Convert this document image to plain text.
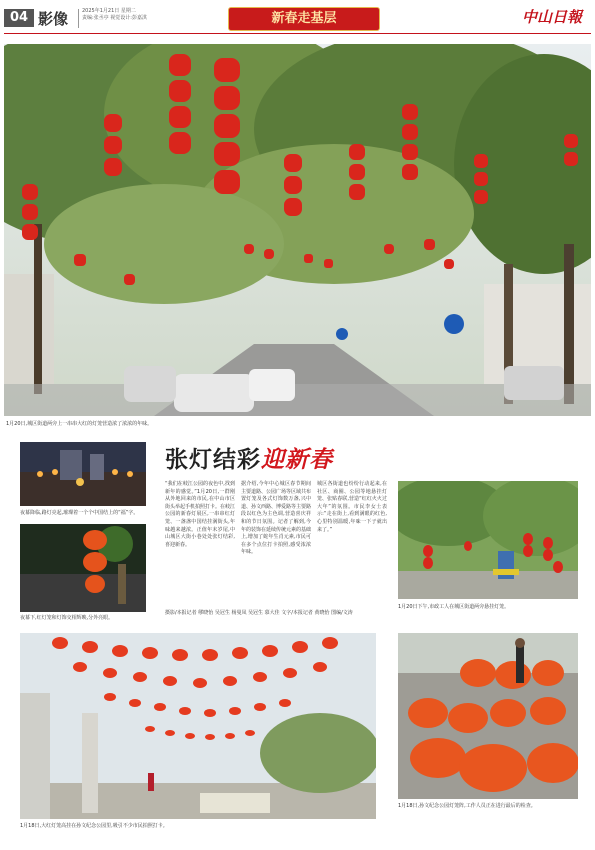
04 影像	2025年1月21日 星期二
责编:张丞亭 视觉设计:彭嘉淇	新春走基层	中山日報
1月20日,城区街道两旁上一串串大红的灯笼营造浓了浓浓的年味。
夜幕降临,路灯亮起,璀璨着一个个中国结上的“福”字。
夜幕下,红灯笼和灯饰交相辉映,分外亮眼。
张灯结彩迎新春
“我们在岐江公园的夜色中,找到新年的感觉。”1月20日,一群刚从外地回来的市民,在中山市区街头举起手机拍照打卡。在岐江公园的新春灯展区,一串串红灯笼、一盏盏中国结挂满街头,年味越来越浓。正值年末岁尾,中山城区大街小巷处处张灯结彩,喜迎新春。
据介绍,今年中心城区春节期间主要道路、公园广场等区域共布置灯笼及各式灯饰数万盏,兴中道、孙文西路、博爱路等主要路段以红色为主色调,营造喜庆祥和的节日氛围。记者了解到,今年的装饰在延续传统元素的基础上,增加了蛇年生肖元素,市民可在多个点位打卡拍照,感受浓浓年味。
城区各街道也纷纷行动起来,在社区、商圈、公园等地悬挂灯笼、张贴春联,营造“红红火火过大年”的氛围。市民李女士表示:“走在街上,看到满眼的红色,心里特别温暖,年味一下子就出来了。”
摄影/本报记者 缪晓怡 吴冠生 杨曼凤 吴冠生 慕大佳 文字/本报记者 黄晓怡 图编/文涛
1月20日下午,市政工人在城区街道两旁悬挂灯笼。
1月18日,大红灯笼高挂在孙文纪念公园里,吸引不少市民拍照打卡。
1月18日,孙文纪念公园灯笼阵,工作人员正在进行最后的检查。
